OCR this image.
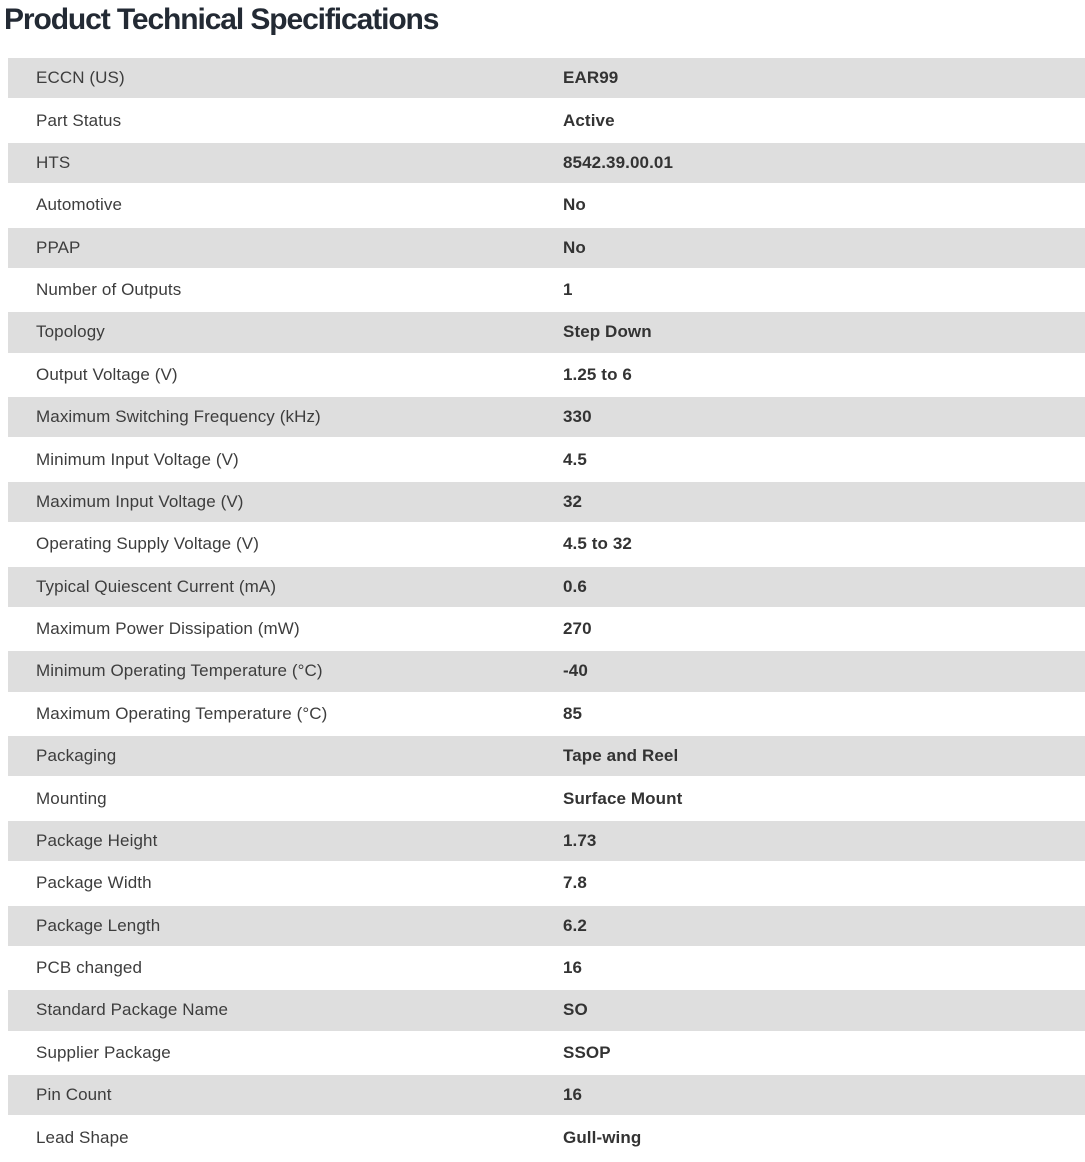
Product Technical Specifications
ECCN (US)	EAR99
Part Status	Active
HTS	8542.39.00.01
Automotive	No
PPAP	No
Number of Outputs	1
Topology	Step Down
Output Voltage (V)	1.25 to 6
Maximum Switching Frequency (kHz)	330
Minimum Input Voltage (V)	4.5
Maximum Input Voltage (V)	32
Operating Supply Voltage (V)	4.5 to 32
Typical Quiescent Current (mA)	0.6
Maximum Power Dissipation (mW)	270
Minimum Operating Temperature (°C)	-40
Maximum Operating Temperature (°C)	85
Packaging	Tape and Reel
Mounting	Surface Mount
Package Height	1.73
Package Width	7.8
Package Length	6.2
PCB changed	16
Standard Package Name	SO
Supplier Package	SSOP
Pin Count	16
Lead Shape	Gull-wing
